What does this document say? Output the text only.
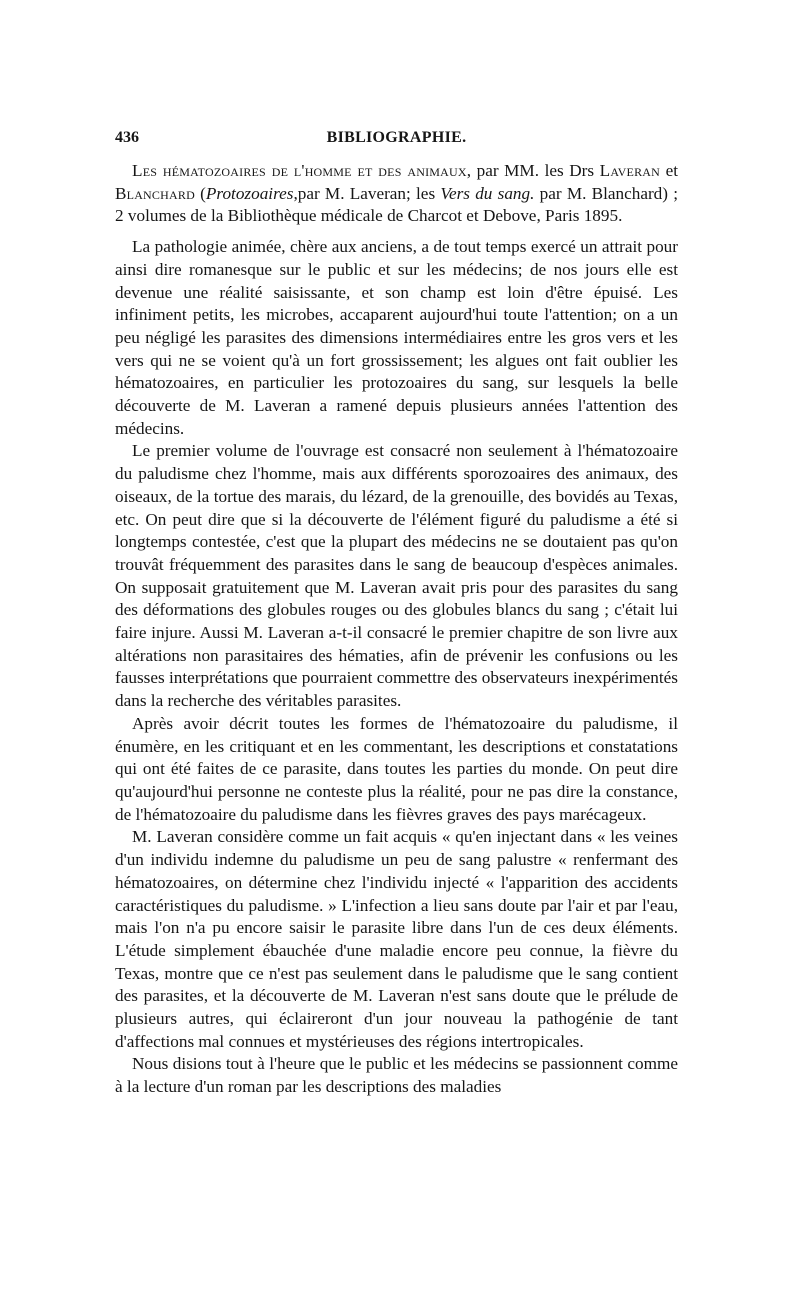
436	BIBLIOGRAPHIE.

Les hématozoaires de l'homme et des animaux, par MM. les Drs Laveran et Blanchard (Protozoaires,par M. Laveran; les Vers du sang. par M. Blanchard) ; 2 volumes de la Bibliothèque médicale de Charcot et Debove, Paris 1895.

La pathologie animée, chère aux anciens, a de tout temps exercé un attrait pour ainsi dire romanesque sur le public et sur les médecins; de nos jours elle est devenue une réalité saisissante, et son champ est loin d'être épuisé. Les infiniment petits, les microbes, accaparent aujourd'hui toute l'attention; on a un peu négligé les parasites des dimensions intermédiaires entre les gros vers et les vers qui ne se voient qu'à un fort grossissement; les algues ont fait oublier les hématozoaires, en particulier les protozoaires du sang, sur lesquels la belle découverte de M. Laveran a ramené depuis plusieurs années l'attention des médecins.

Le premier volume de l'ouvrage est consacré non seulement à l'hématozoaire du paludisme chez l'homme, mais aux différents sporozoaires des animaux, des oiseaux, de la tortue des marais, du lézard, de la grenouille, des bovidés au Texas, etc. On peut dire que si la découverte de l'élément figuré du paludisme a été si longtemps contestée, c'est que la plupart des médecins ne se doutaient pas qu'on trouvât fréquemment des parasites dans le sang de beaucoup d'espèces animales. On supposait gratuitement que M. Laveran avait pris pour des parasites du sang des déformations des globules rouges ou des globules blancs du sang ; c'était lui faire injure. Aussi M. Laveran a-t-il consacré le premier chapitre de son livre aux altérations non parasitaires des hématies, afin de prévenir les confusions ou les fausses interprétations que pourraient commettre des observateurs inexpérimentés dans la recherche des véritables parasites.

Après avoir décrit toutes les formes de l'hématozoaire du paludisme, il énumère, en les critiquant et en les commentant, les descriptions et constatations qui ont été faites de ce parasite, dans toutes les parties du monde. On peut dire qu'aujourd'hui personne ne conteste plus la réalité, pour ne pas dire la constance, de l'hématozoaire du paludisme dans les fièvres graves des pays marécageux.

M. Laveran considère comme un fait acquis « qu'en injectant dans « les veines d'un individu indemne du paludisme un peu de sang palustre « renfermant des hématozoaires, on détermine chez l'individu injecté « l'apparition des accidents caractéristiques du paludisme. » L'infection a lieu sans doute par l'air et par l'eau, mais l'on n'a pu encore saisir le parasite libre dans l'un de ces deux éléments. L'étude simplement ébauchée d'une maladie encore peu connue, la fièvre du Texas, montre que ce n'est pas seulement dans le paludisme que le sang contient des parasites, et la découverte de M. Laveran n'est sans doute que le prélude de plusieurs autres, qui éclaireront d'un jour nouveau la pathogénie de tant d'affections mal connues et mystérieuses des régions intertropicales.

Nous disions tout à l'heure que le public et les médecins se passionnent comme à la lecture d'un roman par les descriptions des maladies
